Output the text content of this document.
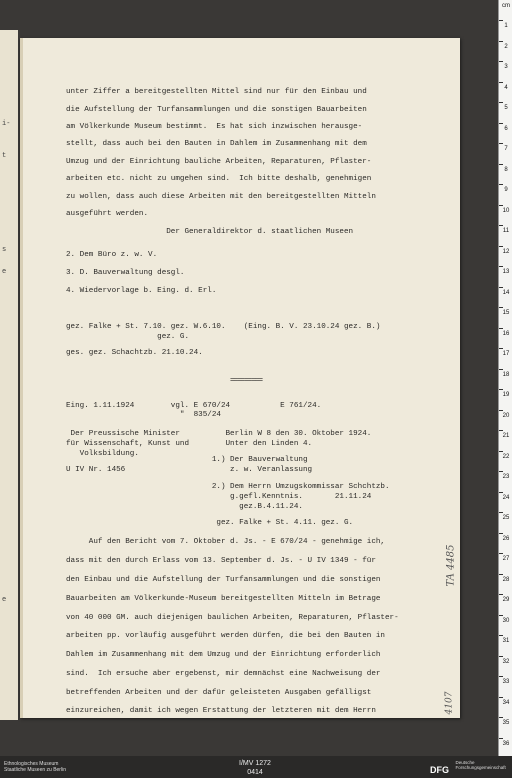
i-
t
s
e
e
unter Ziffer a bereitgestellten Mittel sind nur für den Einbau und
die Aufstellung der Turfansammlungen und die sonstigen Bauarbeiten
am Völkerkunde Museum bestimmt.  Es hat sich inzwischen herausge-
stellt, dass auch bei den Bauten in Dahlem im Zusammenhang mit dem
Umzug und der Einrichtung bauliche Arbeiten, Reparaturen, Pflaster-
arbeiten etc. nicht zu umgehen sind.  Ich bitte deshalb, genehmigen
zu wollen, dass auch diese Arbeiten mit den bereitgestellten Mitteln
ausgeführt werden.
Der Generaldirektor d. staatlichen Museen
2. Dem Büro z. w. V.
3. D. Bauverwaltung desgl.
4. Wiedervorlage b. Eing. d. Erl.
gez. Falke + St. 7.10. gez. W.6.10.    (Eing. B. V. 23.10.24 gez. B.)
gez. G.
ges. gez. Schachtzb. 21.10.24.
Eing. 1.11.1924        vgl. E 670/24           E 761/24.
"  835/24
Der Preussische Minister          Berlin W 8 den 30. Oktober 1924.
für Wissenschaft, Kunst und        Unter den Linden 4.
Volksbildung.
1.) Der Bauverwaltung
U IV Nr. 1456                       z. w. Veranlassung
2.) Dem Herrn Umzugskommissar Schchtzb.
g.gefl.Kenntnis.       21.11.24
gez.B.4.11.24.
gez. Falke + St. 4.11. gez. G.
Auf den Bericht vom 7. Oktober d. Js. - E 670/24 - genehmige ich,
dass mit den durch Erlass vom 13. September d. Js. - U IV 1349 - für
den Einbau und die Aufstellung der Turfansammlungen und die sonstigen
Bauarbeiten am Völkerkunde-Museum bereitgestellten Mitteln im Betrage
von 40 000 GM. auch diejenigen baulichen Arbeiten, Reparaturen, Pflaster-
arbeiten pp. vorläufig ausgeführt werden dürfen, die bei den Bauten in
Dahlem im Zusammenhang mit dem Umzug und der Einrichtung erforderlich
sind.  Ich ersuche aber ergebenst, mir demnächst eine Nachweisung der
betreffenden Arbeiten und der dafür geleisteten Ausgaben gefälligst
einzureichen, damit ich wegen Erstattung der letzteren mit dem Herrn
=========
TA 4485
4107
cm
1
2
3
4
5
6
7
8
9
10
11
12
13
14
15
16
17
18
19
20
21
22
23
24
25
26
27
28
29
30
31
32
33
34
35
36
Ethnologisches Museum
Staatliche Museen zu Berlin
I/MV 1272
0414	DFG
Deutsche
Forschungsgemeinschaft
